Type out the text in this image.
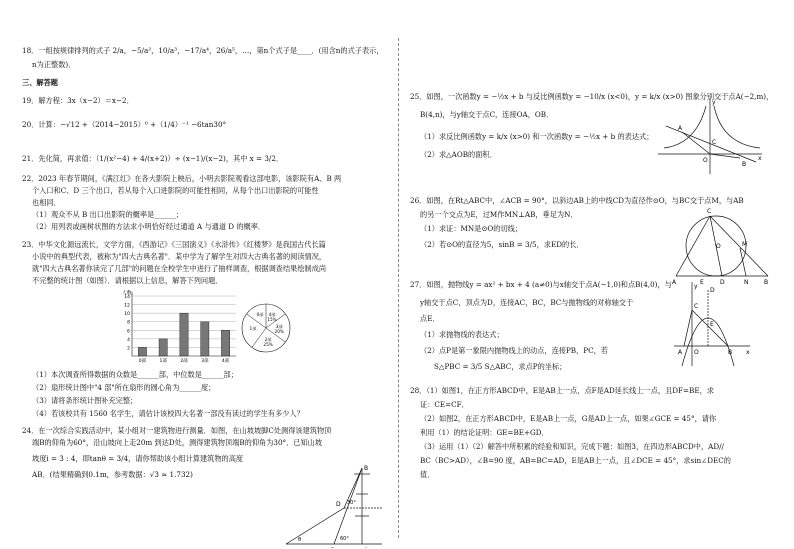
18．一组按规律排列的式子 2/a，−5/a²，10/a³，−17/a⁴，26/a⁵，…，第n个式子是____．(用含n的式子表示，
n为正整数)．
三、解答题
19．解方程：3x（x−2）＝x−2．
20．计算：−√12 +（2014−2015）⁰ +（1/4）⁻¹ −6tan30°
21．先化简，再求值：（1/(x²−4) + 4/(x+2)）÷ (x−1)/(x−2)，其中 x = 3/2．
22．2023 年春节期间，《满江红》在各大影院上映后，小明去影院观看这部电影，该影院有A、B 两
个入口和C、D 三个出口，若从每个入口进影院的可能性相同，从每个出口出影院的可能性
也相同．
（1）观众不从 B 出口出影院的概率是______；
（2）用列表或画树状图的方法求小明恰好经过通道 A 与通道 D 的概率．
23．中华文化源远流长，文学方面，《西游记》《三国演义》《水浒传》《红楼梦》是我国古代长篇
小说中的典型代表，被称为"四大古典名著"．某中学为了解学生对四大古典名著的阅读情况，
就"四大古典名著你读完了几部"的问题在全校学生中进行了抽样调查，根据调查结果绘制成尚
不完整的统计图（如图）．请根据以上信息，解答下列问题．
2
4
6
8
10
12
14
人数
0部	1部	2部	3部	4部
4部
15%
3部
20%
2部
25%
1部
0部
（1）本次调查所得数据的众数是______部，中位数是______部；
（2）扇形统计图中"4 部"所在扇形的圆心角为______度；
（3）请将条形统计图补充完整；
（4）若该校共有 1560 名学生，请估计该校四大名著一部没有读过的学生有多少人？
24．在一次综合实践活动中，某小组对一建筑物进行测量．如图，在山坡坡脚C处测得该建筑物顶
端B的仰角为60°，沿山坡向上走20m 到达D处，测得建筑物顶端B的仰角为30°．已知山坡
坡度i = 3 : 4，即tanθ = 3/4，请你帮助该小组计算建筑物的高度
AB．(结果精确到0.1m，参考数据：√3 ≈ 1.732)
B
D 30°
60°
θ
25．如图，一次函数y = −½x + b 与反比例函数y = −10/x (x<0)，y = k/x (x>0) 图象分别交于点A(−2,m)，
B(4,n)，与y轴交于点C，连接OA，OB．
（1）求反比例函数y = k/x (x>0) 和一次函数y = −½x + b 的表达式；
（2）求△AOB的面积．
A
C
B
O	x
y
26．如图，在Rt△ABC中，∠ACB = 90°，以斜边AB上的中线CD为直径作⊙O，与BC交于点M，与AB
的另一个交点为E，过M作MN⊥AB，垂足为N．
（1）求证：MN是⊙O的切线；
（2）若⊙O的直径为5，sinB = 3/5，求ED的长．
C
O	M
A	E	D	N	B
27．如图，抛物线y = ax² + bx + 4 (a≠0)与x轴交于点A(−1,0)和点B(4,0)，与
y轴交于点C，顶点为D，连接AC，BC，BC与抛物线的对称轴交于
点E．
（1）求抛物线的表达式；
（2）点P是第一象限内抛物线上的动点，连接PB，PC，若
S△PBC = 3/5 S△ABC，求点P的坐标；
y
D
C
E
A O	B x
28．（1）如图1，在正方形ABCD中，E是AB上一点，点F是AD延长线上一点，且DF=BE，求
证：CE=CF．
（2）如图2，在正方形ABCD中，E是AB上一点，G是AD上一点，如果∠GCE = 45°，请你
利用（1）的结论证明：GE=BE+GD．
（3）运用（1）（2）解答中所积累的经验和知识，完成下题：如图3，在四边形ABCD中，AD//
BC（BC>AD），∠B=90 度，AB=BC=AD，E是AB上一点，且∠DCE = 45°，求sin∠DEC的
值．
